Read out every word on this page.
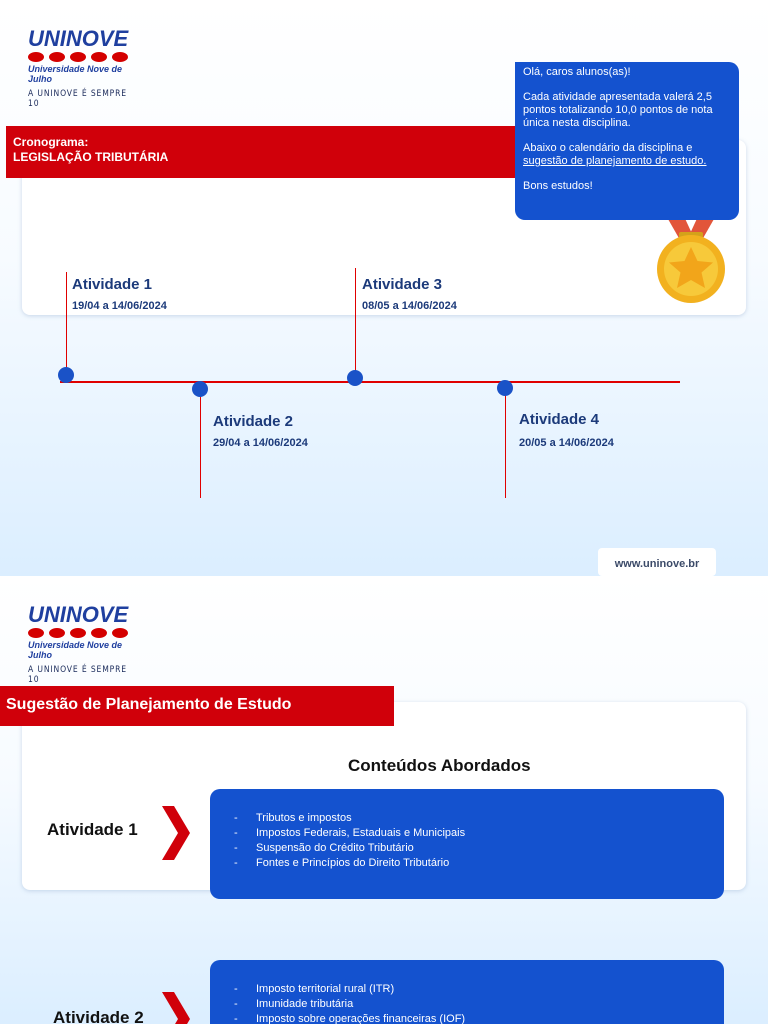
UNINOVE
Universidade Nove de Julho
A UNINOVE É SEMPRE 10
Cronograma:
LEGISLAÇÃO TRIBUTÁRIA

Olá, caros alunos(as)!

Cada atividade apresentada valerá 2,5 pontos totalizando 10,0 pontos de nota única nesta disciplina.

Abaixo o calendário da disciplina e sugestão de planejamento de estudo.

Bons estudos!

Atividade 1
19/04 a 14/06/2024
Atividade 3
08/05 a 14/06/2024
Atividade 2
29/04 a 14/06/2024
Atividade 4
20/05 a 14/06/2024
www.uninove.br
UNINOVE
Universidade Nove de Julho
A UNINOVE É SEMPRE 10
Sugestão de Planejamento de Estudo
Conteúdos Abordados
Atividade 1
- Tributos e impostos
- Impostos Federais, Estaduais e Municipais
- Suspensão do Crédito Tributário
- Fontes e Princípios do Direito Tributário
Atividade 2
- Imposto territorial rural (ITR)
- Imunidade tributária
- Imposto sobre operações financeiras (IOF)
